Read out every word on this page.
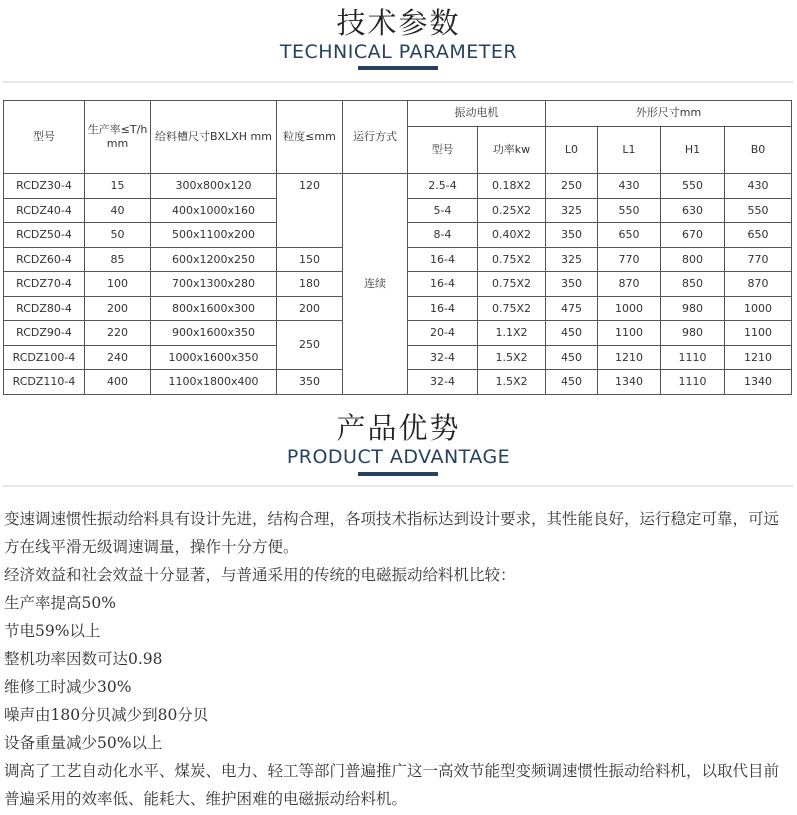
技术参数
TECHNICAL PARAMETER
型号	生产率≤T/h mm	给料槽尺寸BXLXH mm	粒度≤mm	运行方式	振动电机		外形尺寸mm			
					型号	功率kw	L0	L1	H1	B0
RCDZ30-4	15	300x800x120	120	连续	2.5-4	0.18X2	250	430	550	430
RCDZ40-4	40	400x1000x160			5-4	0.25X2	325	550	630	550
RCDZ50-4	50	500x1100x200			8-4	0.40X2	350	650	670	650
RCDZ60-4	85	600x1200x250	150		16-4	0.75X2	325	770	800	770
RCDZ70-4	100	700x1300x280	180		16-4	0.75X2	350	870	850	870
RCDZ80-4	200	800x1600x300	200		16-4	0.75X2	475	1000	980	1000
RCDZ90-4	220	900x1600x350	250		20-4	1.1X2	450	1100	980	1100
RCDZ100-4	240	1000x1600x350			32-4	1.5X2	450	1210	1110	1210
RCDZ110-4	400	1100x1800x400	350		32-4	1.5X2	450	1340	1110	1340
产品优势
PRODUCT ADVANTAGE

变速调速惯性振动给料具有设计先进，结构合理，各项技术指标达到设计要求，其性能良好，运行稳定可靠，可远方在线平滑无级调速调量，操作十分方便。

经济效益和社会效益十分显著，与普通采用的传统的电磁振动给料机比较：

生产率提高50%

节电59%以上

整机功率因数可达0.98

维修工时减少30%

噪声由180分贝减少到80分贝

设备重量减少50%以上

调高了工艺自动化水平、煤炭、电力、轻工等部门普遍推广这一高效节能型变频调速惯性振动给料机，以取代目前普遍采用的效率低、能耗大、维护困难的电磁振动给料机。
